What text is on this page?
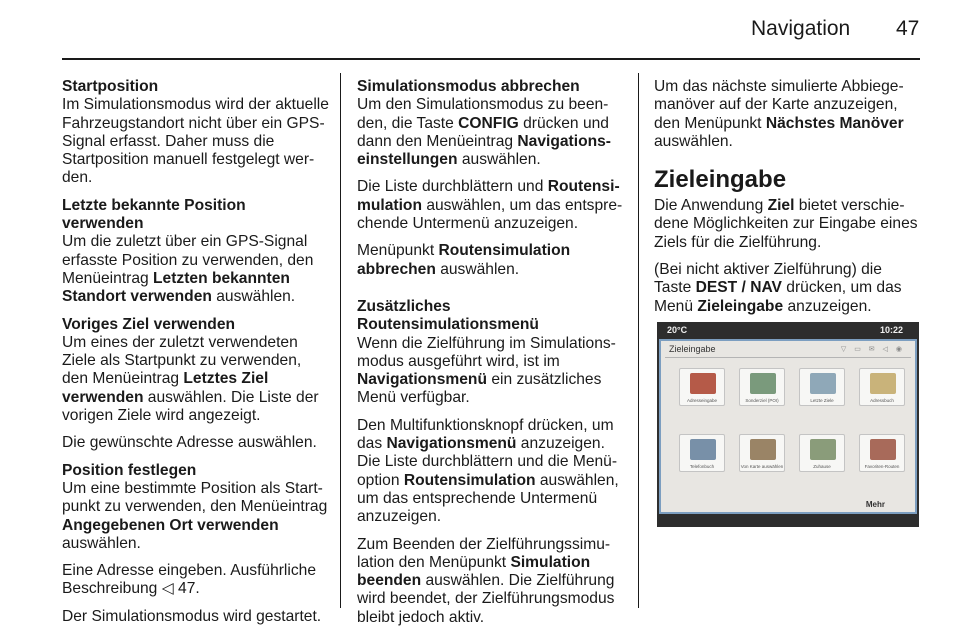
Navigation 47
Startposition

Im Simulationsmodus wird der aktuelle Fahrzeugstandort nicht über ein GPS-Signal erfasst. Daher muss die Startposition manuell festgelegt werden.

Letzte bekannte Position verwenden

Um die zuletzt über ein GPS-Signal erfasste Position zu verwenden, den Menüeintrag Letzten bekannten Standort verwenden auswählen.

Voriges Ziel verwenden

Um eines der zuletzt verwendeten Ziele als Startpunkt zu verwenden, den Menüeintrag Letztes Ziel verwenden auswählen. Die Liste der vorigen Ziele wird angezeigt.

Die gewünschte Adresse auswählen.

Position festlegen

Um eine bestimmte Position als Startpunkt zu verwenden, den Menüeintrag Angegebenen Ort verwenden auswählen.

Eine Adresse eingeben. Ausführliche Beschreibung ◁ 47.

Der Simulationsmodus wird gestartet.

Simulationsmodus abbrechen

Um den Simulationsmodus zu beenden, die Taste CONFIG drücken und dann den Menüeintrag Navigationseinstellungen auswählen.

Die Liste durchblättern und Routensimulation auswählen, um das entsprechende Untermenü anzuzeigen.

Menüpunkt Routensimulation abbrechen auswählen.

Zusätzliches
Routensimulationsmenü

Wenn die Zielführung im Simulationsmodus ausgeführt wird, ist im Navigationsmenü ein zusätzliches Menü verfügbar.

Den Multifunktionsknopf drücken, um das Navigationsmenü anzuzeigen. Die Liste durchblättern und die Menüoption Routensimulation auswählen, um das entsprechende Untermenü anzuzeigen.

Zum Beenden der Zielführungssimulation den Menüpunkt Simulation beenden auswählen. Die Zielführung wird beendet, der Zielführungsmodus bleibt jedoch aktiv.

Um das nächste simulierte Abbiegemanöver auf der Karte anzuzeigen, den Menüpunkt Nächstes Manöver auswählen.

Zieleingabe

Die Anwendung Ziel bietet verschiedene Möglichkeiten zur Eingabe eines Ziels für die Zielführung.

(Bei nicht aktiver Zielführung) die Taste DEST / NAV drücken, um das Menü Zieleingabe anzuzeigen.

20°C	10:22
Zieleingabe	▽ ▭ ✉ ◁ ◉
Adresseingabe	Sonderziel (POI)	Letzte Ziele	Adressbuch
Telefonbuch	Von Karte auswählen	Zuhause	Favoriten-Routen
Mehr
